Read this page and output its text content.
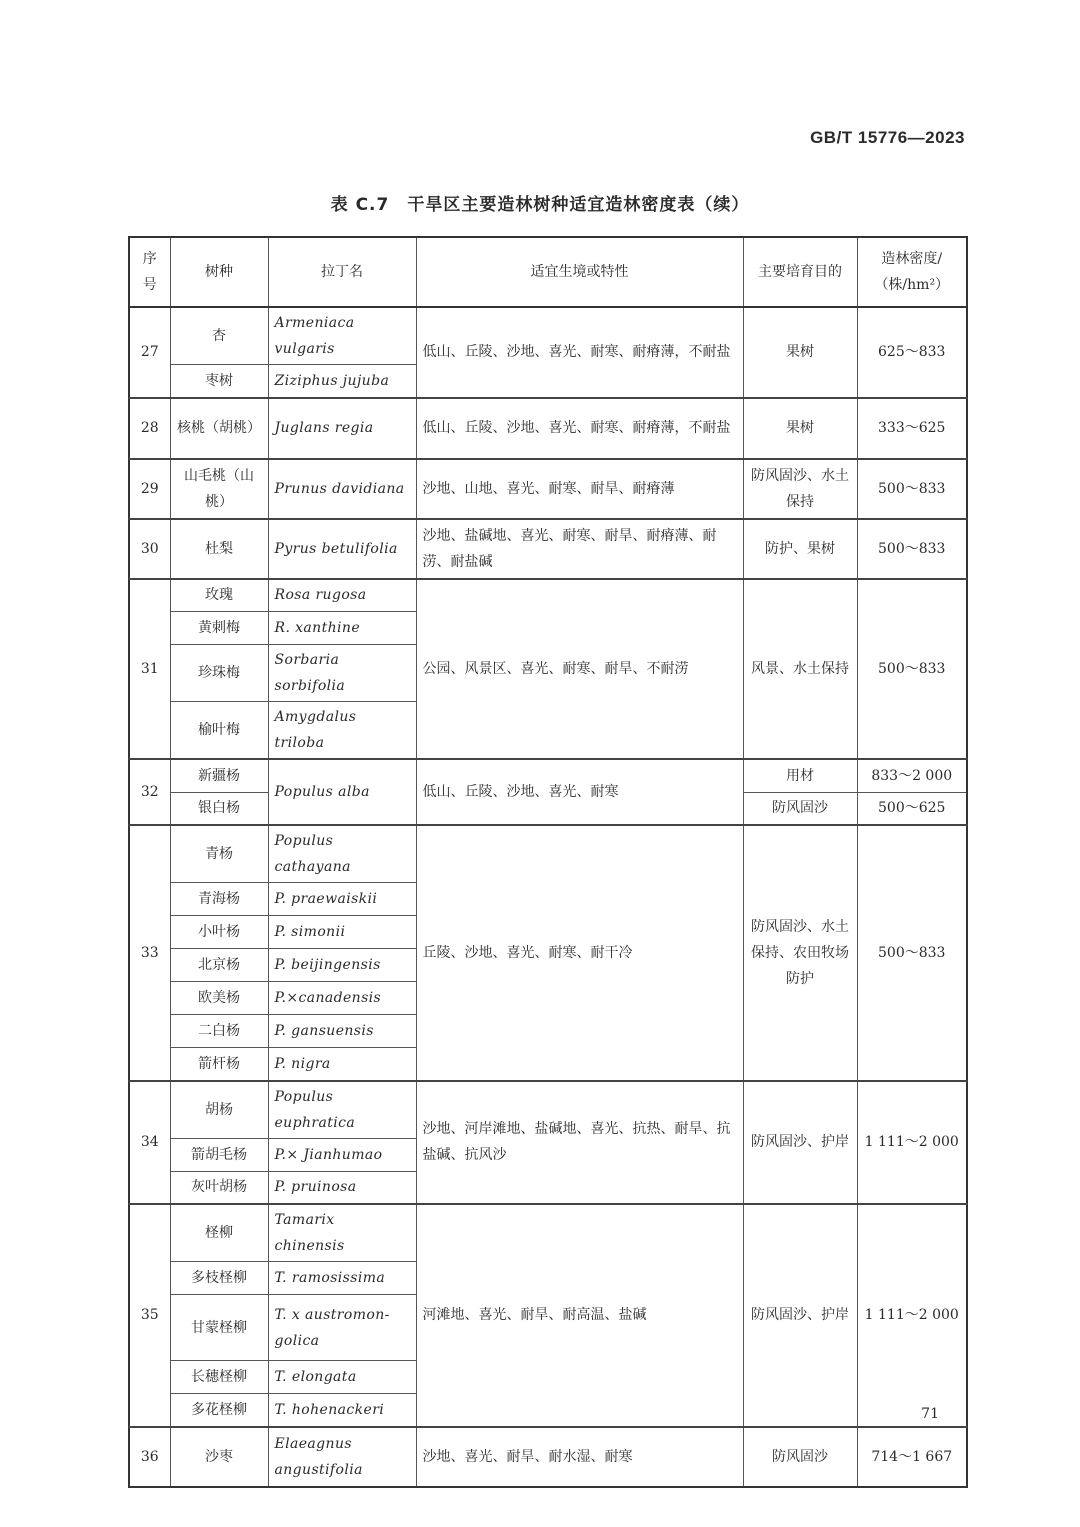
GB/T 15776—2023
表 C.7　干旱区主要造林树种适宜造林密度表（续）
序号	树种	拉丁名	适宜生境或特性	主要培育目的	造林密度/（株/hm²）
27	杏	Armeniaca vulgaris	低山、丘陵、沙地、喜光、耐寒、耐瘠薄，不耐盐	果树	625～833
	枣树	Ziziphus jujuba			
28	核桃（胡桃）	Juglans regia	低山、丘陵、沙地、喜光、耐寒、耐瘠薄，不耐盐	果树	333～625
29	山毛桃（山桃）	Prunus davidiana	沙地、山地、喜光、耐寒、耐旱、耐瘠薄	防风固沙、水土保持	500～833
30	杜梨	Pyrus betulifolia	沙地、盐碱地、喜光、耐寒、耐旱、耐瘠薄、耐涝、耐盐碱	防护、果树	500～833
31	玫瑰	Rosa rugosa	公园、风景区、喜光、耐寒、耐旱、不耐涝	风景、水土保持	500～833
	黄刺梅	R. xanthine			
	珍珠梅	Sorbaria sorbifolia			
	榆叶梅	Amygdalus triloba			
32	新疆杨	Populus alba	低山、丘陵、沙地、喜光、耐寒	用材	833～2 000
	银白杨			防风固沙	500～625
33	青杨	Populus cathayana	丘陵、沙地、喜光、耐寒、耐干冷	防风固沙、水土保持、农田牧场防护	500～833
	青海杨	P. praewaiskii			
	小叶杨	P. simonii			
	北京杨	P. beijingensis			
	欧美杨	P.×canadensis			
	二白杨	P. gansuensis			
	箭杆杨	P. nigra			
34	胡杨	Populus euphratica	沙地、河岸滩地、盐碱地、喜光、抗热、耐旱、抗盐碱、抗风沙	防风固沙、护岸	1 111～2 000
	箭胡毛杨	P.× Jianhumao			
	灰叶胡杨	P. pruinosa			
35	柽柳	Tamarix chinensis	河滩地、喜光、耐旱、耐高温、盐碱	防风固沙、护岸	1 111～2 000
	多枝柽柳	T. ramosissima			
	甘蒙柽柳	T. x austromon-golica			
	长穗柽柳	T. elongata			
	多花柽柳	T. hohenackeri			
36	沙枣	Elaeagnus angustifolia	沙地、喜光、耐旱、耐水湿、耐寒	防风固沙	714～1 667
71
